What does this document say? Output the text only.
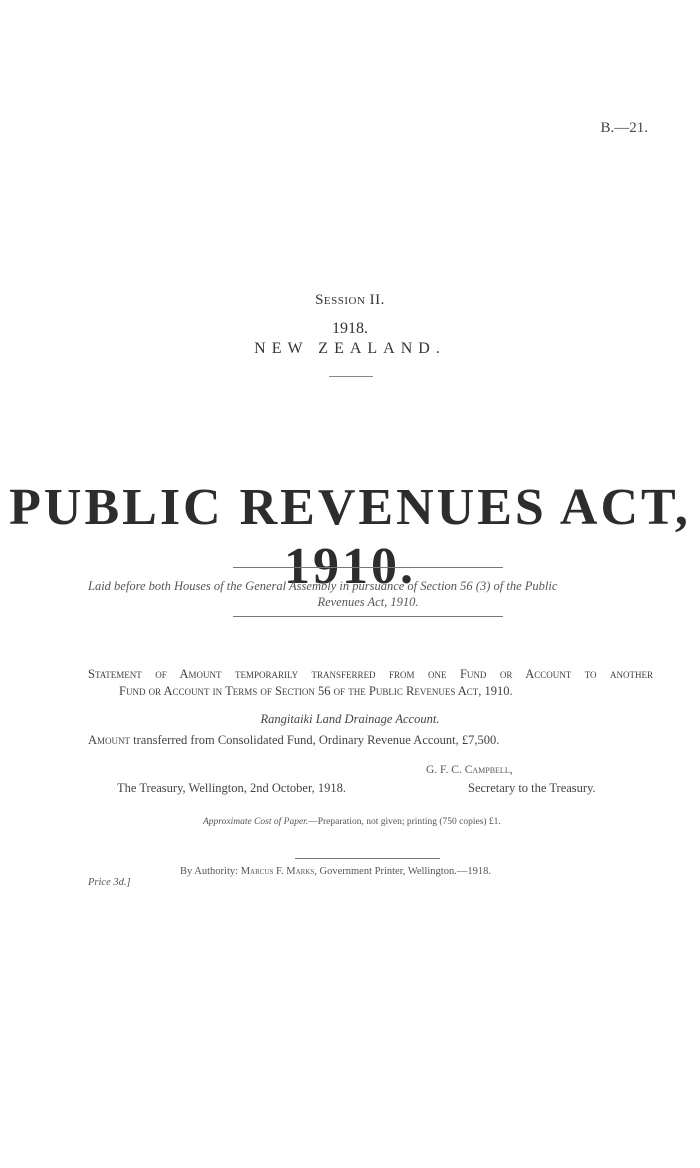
B.—21.
Session II.
1918.
NEW ZEALAND.
PUBLIC REVENUES ACT, 1910.
Laid before both Houses of the General Assembly in pursuance of Section 56 (3) of the Public
Revenues Act, 1910.
Statement of Amount temporarily transferred from one Fund or Account to another
Fund or Account in Terms of Section 56 of the Public Revenues Act, 1910.
Rangitaiki Land Drainage Account.
Amount transferred from Consolidated Fund, Ordinary Revenue Account, £7,500.
G. F. C. Campbell,
The Treasury, Wellington, 2nd October, 1918.	Secretary to the Treasury.
Approximate Cost of Paper.—Preparation, not given; printing (750 copies) £1.
By Authority: Marcus F. Marks, Government Printer, Wellington.—1918.
Price 3d.]
